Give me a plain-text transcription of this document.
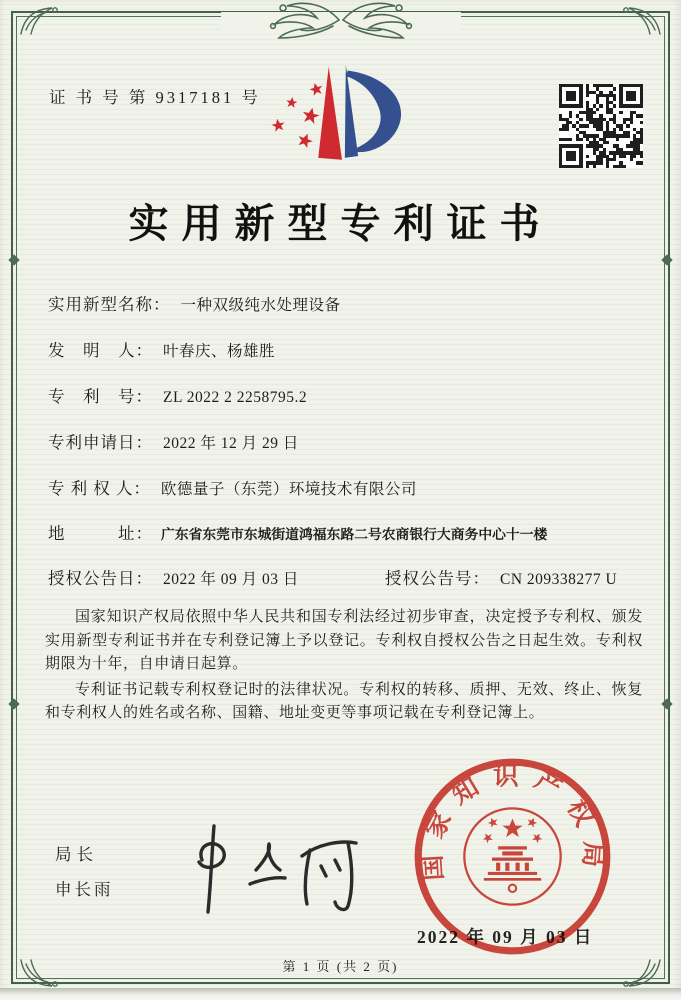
证 书 号 第 9317181 号
实用新型专利证书
实用新型名称： 一种双级纯水处理设备
发　明　人： 叶春庆、杨雄胜
专　利　号： ZL 2022 2 2258795.2
专利申请日： 2022 年 12 月 29 日
专 利 权 人： 欧德量子（东莞）环境技术有限公司
地　　　址： 广东省东莞市东城街道鸿福东路二号农商银行大商务中心十一楼
授权公告日： 2022 年 09 月 03 日	授权公告号： CN 209338277 U

国家知识产权局依照中华人民共和国专利法经过初步审查，决定授予专利权、颁发实用新型专利证书并在专利登记簿上予以登记。专利权自授权公告之日起生效。专利权期限为十年，自申请日起算。

专利证书记载专利权登记时的法律状况。专利权的转移、质押、无效、终止、恢复和专利权人的姓名或名称、国籍、地址变更等事项记载在专利登记簿上。

局长
申长雨
2022 年 09 月 03 日
国家知识产权局
第 1 页 (共 2 页)
